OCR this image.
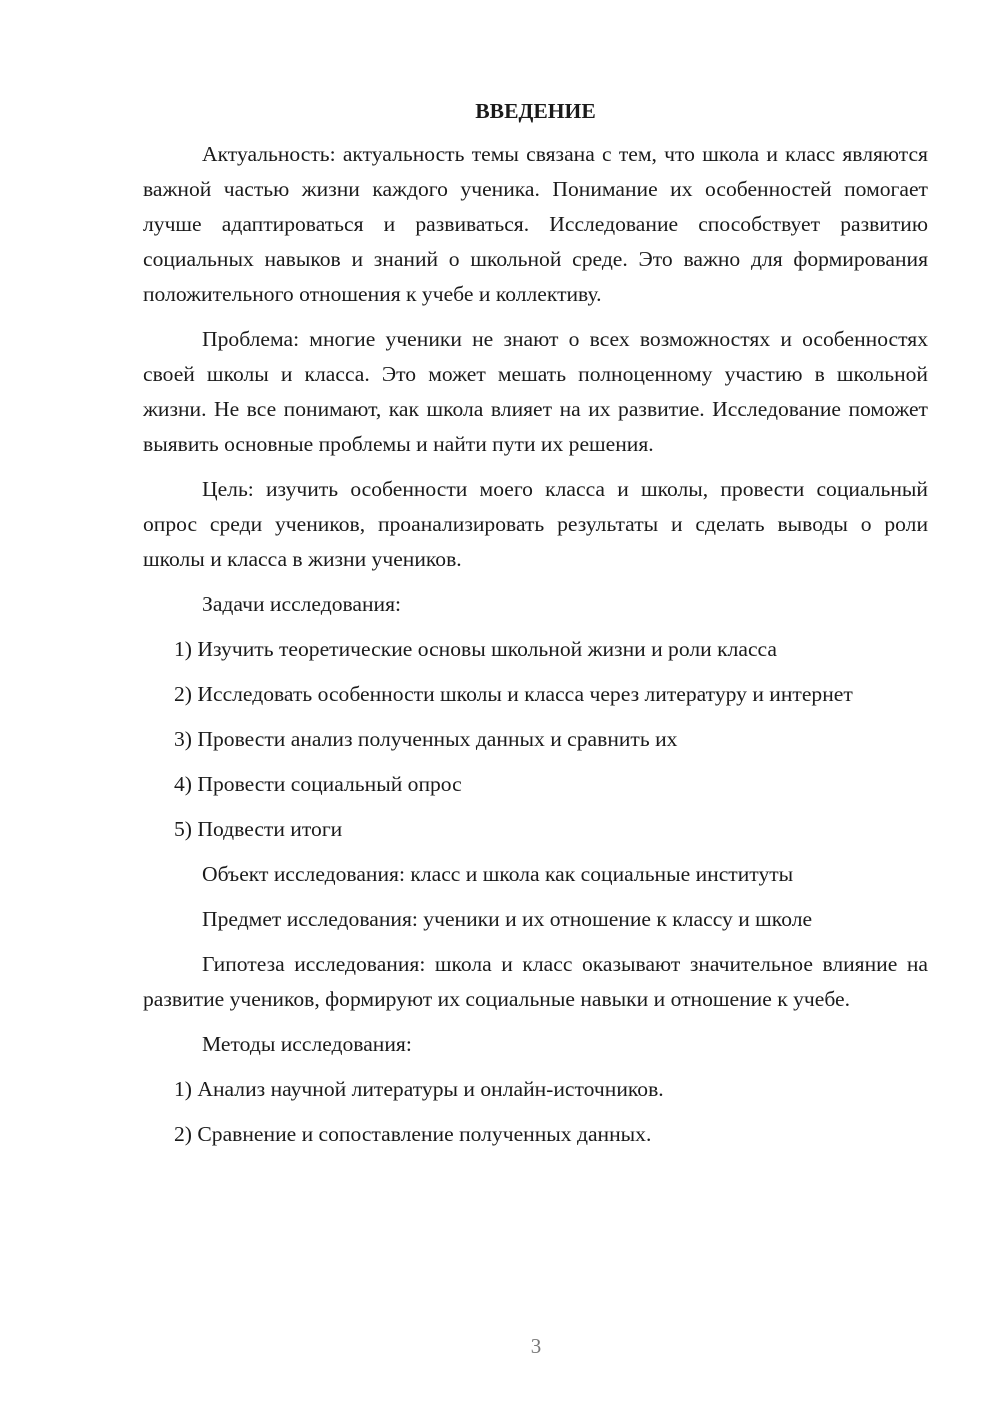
ВВЕДЕНИЕ

Актуальность: актуальность темы связана с тем, что школа и класс являются важной частью жизни каждого ученика. Понимание их особенностей помогает лучше адаптироваться и развиваться. Исследование способствует развитию социальных навыков и знаний о школьной среде. Это важно для формирования положительного отношения к учебе и коллективу.

Проблема: многие ученики не знают о всех возможностях и особенностях своей школы и класса. Это может мешать полноценному участию в школьной жизни. Не все понимают, как школа влияет на их развитие. Исследование поможет выявить основные проблемы и найти пути их решения.

Цель: изучить особенности моего класса и школы, провести социальный опрос среди учеников, проанализировать результаты и сделать выводы о роли школы и класса в жизни учеников.

Задачи исследования:

1) Изучить теоретические основы школьной жизни и роли класса

2) Исследовать особенности школы и класса через литературу и интернет

3) Провести анализ полученных данных и сравнить их

4) Провести социальный опрос

5) Подвести итоги

Объект исследования: класс и школа как социальные институты

Предмет исследования: ученики и их отношение к классу и школе

Гипотеза исследования: школа и класс оказывают значительное влияние на развитие учеников, формируют их социальные навыки и отношение к учебе.

Методы исследования:

1) Анализ научной литературы и онлайн-источников.

2) Сравнение и сопоставление полученных данных.

3
